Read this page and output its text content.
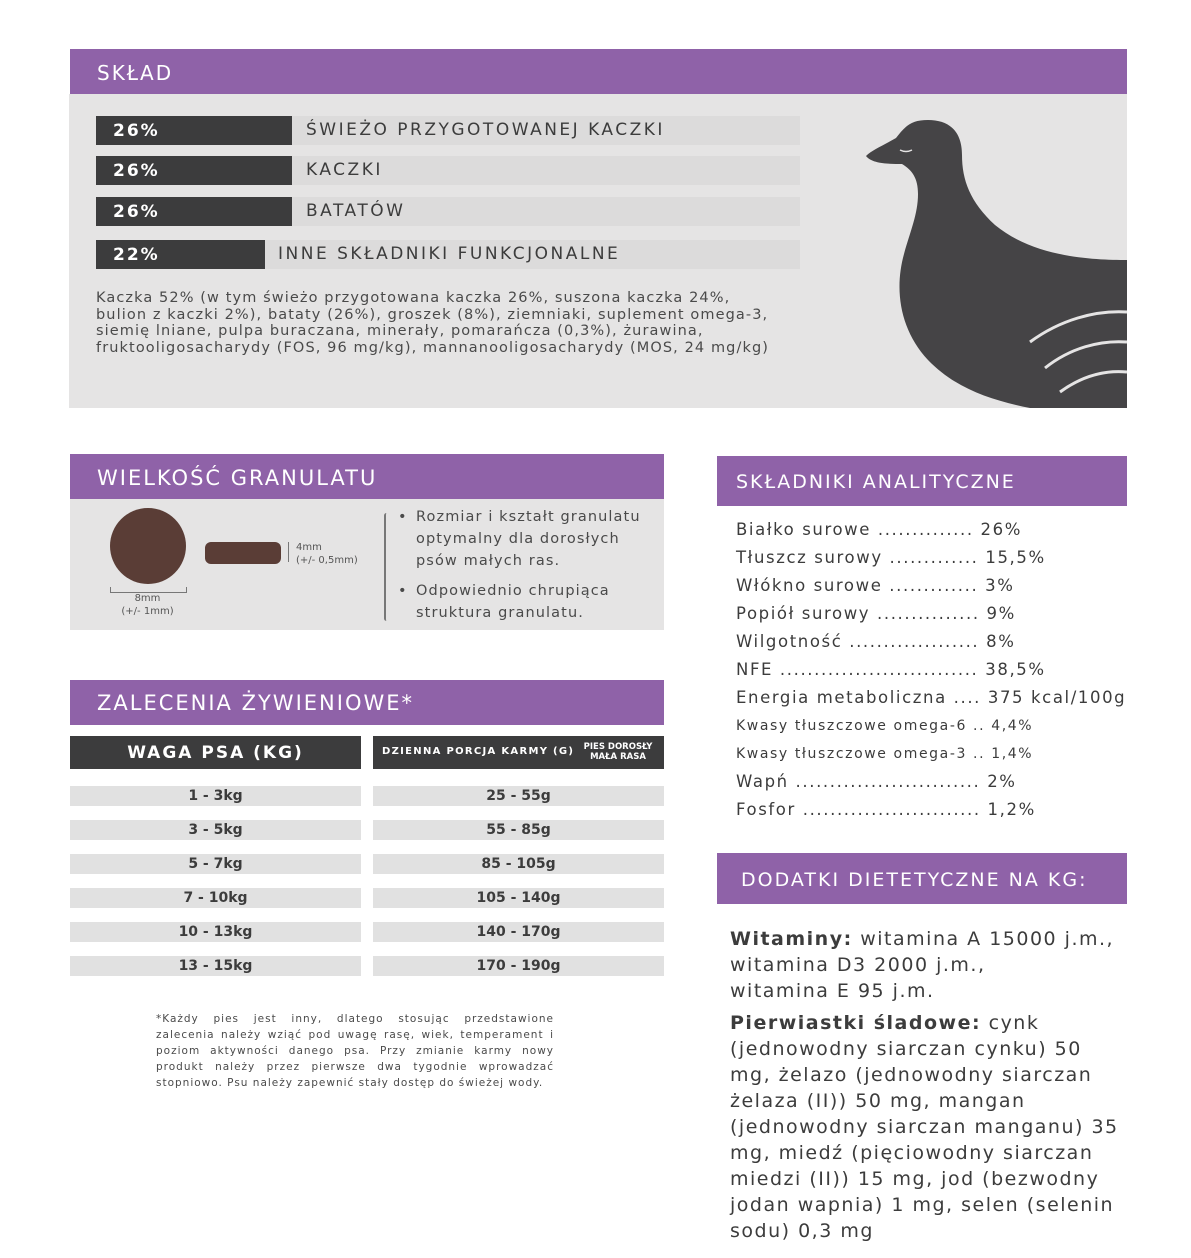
SKŁAD
26%	ŚWIEŻO PRZYGOTOWANEJ KACZKI
26%	KACZKI
26%	BATATÓW
22%	INNE SKŁADNIKI FUNKCJONALNE
Kaczka 52% (w tym świeżo przygotowana kaczka 26%, suszona kaczka 24%,
bulion z kaczki 2%), bataty (26%), groszek (8%), ziemniaki, suplement omega-3,
siemię lniane, pulpa buraczana, minerały, pomarańcza (0,3%), żurawina,
fruktooligosacharydy (FOS, 96 mg/kg), mannanooligosacharydy (MOS, 24 mg/kg)
WIELKOŚĆ GRANULATU
4mm
(+/- 0,5mm)
8mm
(+/- 1mm)
• Rozmiar i kształt granulatu
optymalny dla dorosłych
psów małych ras.
• Odpowiednio chrupiąca
struktura granulatu.
ZALECENIA ŻYWIENIOWE*
WAGA PSA (KG)	DZIENNA PORCJA KARMY (G)	PIES DOROSŁY
MAŁA RASA
1 - 3kg	25 - 55g
3 - 5kg	55 - 85g
5 - 7kg	85 - 105g
7 - 10kg	105 - 140g
10 - 13kg	140 - 170g
13 - 15kg	170 - 190g
*Każdy pies jest inny, dlatego stosując przedstawione zalecenia należy wziąć pod uwagę rasę, wiek, temperament i poziom aktywności danego psa. Przy zmianie karmy nowy produkt należy przez pierwsze dwa tygodnie wprowadzać stopniowo. Psu należy zapewnić stały dostęp do świeżej wody.
SKŁADNIKI ANALITYCZNE
Białko surowe .............. 26%
Tłuszcz surowy ............. 15,5%
Włókno surowe ............. 3%
Popiół surowy ............... 9%
Wilgotność ................... 8%
NFE ............................. 38,5%
Energia metaboliczna .... 375 kcal/100g
Kwasy tłuszczowe omega-6 .. 4,4%
Kwasy tłuszczowe omega-3 .. 1,4%
Wapń ........................... 2%
Fosfor .......................... 1,2%
DODATKI DIETETYCZNE NA KG:
Witaminy: witamina A 15000 j.m.,
witamina D3 2000 j.m.,
witamina E 95 j.m.
Pierwiastki śladowe: cynk
(jednowodny siarczan cynku) 50
mg, żelazo (jednowodny siarczan
żelaza (II)) 50 mg, mangan
(jednowodny siarczan manganu) 35
mg, miedź (pięciowodny siarczan
miedzi (II)) 15 mg, jod (bezwodny
jodan wapnia) 1 mg, selen (selenin
sodu) 0,3 mg
